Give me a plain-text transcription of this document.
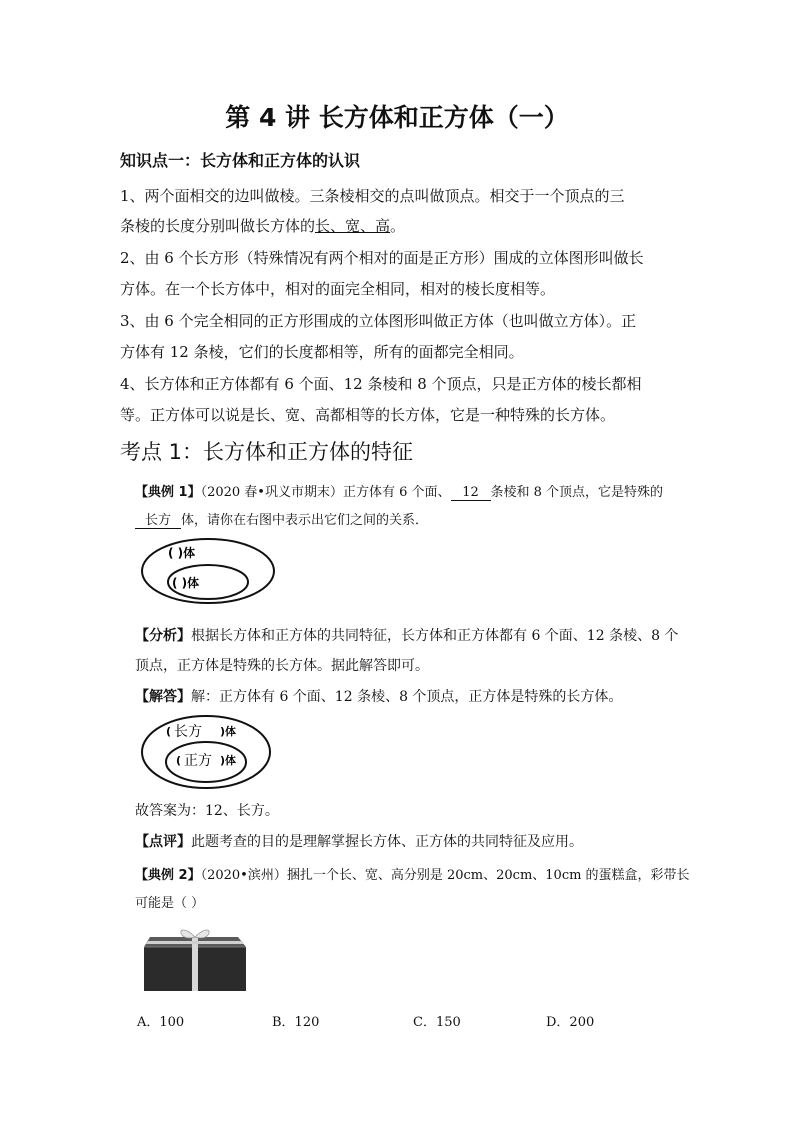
第 4 讲 长方体和正方体（一）
知识点一：长方体和正方体的认识
1、两个面相交的边叫做棱。三条棱相交的点叫做顶点。相交于一个顶点的三
条棱的长度分别叫做长方体的长、宽、高。
2、由 6 个长方形（特殊情况有两个相对的面是正方形）围成的立体图形叫做长
方体。在一个长方体中，相对的面完全相同，相对的棱长度相等。
3、由 6 个完全相同的正方形围成的立体图形叫做正方体（也叫做立方体）。正
方体有 12 条棱，它们的长度都相等，所有的面都完全相同。
4、长方体和正方体都有 6 个面、12 条棱和 8 个顶点，只是正方体的棱长都相
等。正方体可以说是长、宽、高都相等的长方体，它是一种特殊的长方体。
考点 1：长方体和正方体的特征
【典例 1】（2020 春•巩义市期末）正方体有 6 个面、 12 条棱和 8 个顶点，它是特殊的
长方 体，请你在右图中表示出它们之间的关系．
( )体
( )体
【分析】根据长方体和正方体的共同特征，长方体和正方体都有 6 个面、12 条棱、8 个
顶点，正方体是特殊的长方体。据此解答即可。
【解答】解：正方体有 6 个面、12 条棱、8 个顶点，正方体是特殊的长方体。
( 长方 )体
( 正方 )体
故答案为：12、长方。
【点评】此题考查的目的是理解掌握长方体、正方体的共同特征及应用。
【典例 2】（2020•滨州）捆扎一个长、宽、高分别是 20cm、20cm、10cm 的蛋糕盒，彩带长
可能是（ ）
A．100	B．120	C．150	D．200
